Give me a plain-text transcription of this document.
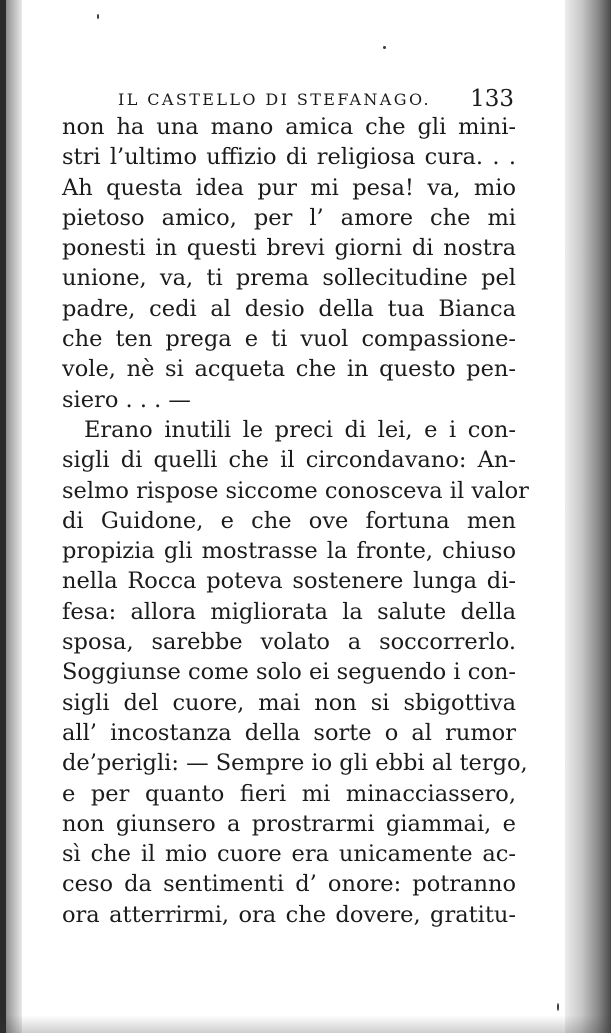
IL CASTELLO DI STEFANAGO. 133
non ha una mano amica che gli mini-
stri l’ultimo uffizio di religiosa cura. . .
Ah questa idea pur mi pesa! va, mio
pietoso amico, per l’ amore che mi
ponesti in questi brevi giorni di nostra
unione, va, ti prema sollecitudine pel
padre, cedi al desio della tua Bianca
che ten prega e ti vuol compassione-
vole, nè si acqueta che in questo pen-
siero . . . —
Erano inutili le preci di lei, e i con-
sigli di quelli che il circondavano: An-
selmo rispose siccome conosceva il valor
di Guidone, e che ove fortuna men
propizia gli mostrasse la fronte, chiuso
nella Rocca poteva sostenere lunga di-
fesa: allora migliorata la salute della
sposa, sarebbe volato a soccorrerlo.
Soggiunse come solo ei seguendo i con-
sigli del cuore, mai non si sbigottiva
all’ incostanza della sorte o al rumor
de’perigli: — Sempre io gli ebbi al tergo,
e per quanto fieri mi minacciassero,
non giunsero a prostrarmi giammai, e
sì che il mio cuore era unicamente ac-
ceso da sentimenti d’ onore: potranno
ora atterrirmi, ora che dovere, gratitu-
